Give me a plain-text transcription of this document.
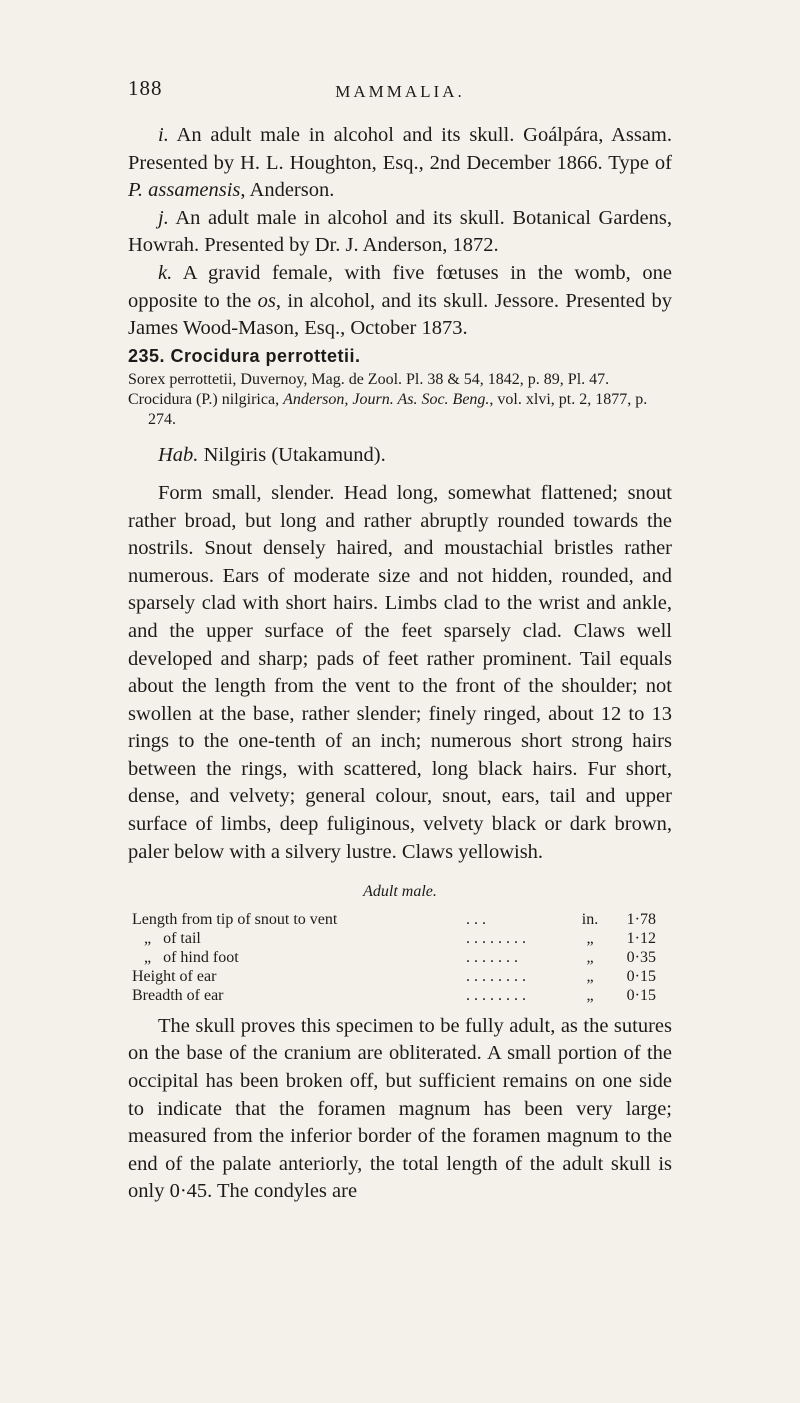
188	MAMMALIA.

i. An adult male in alcohol and its skull. Goálpára, Assam. Presented by H. L. Houghton, Esq., 2nd December 1866. Type of P. assamensis, Anderson.

j. An adult male in alcohol and its skull. Botanical Gardens, Howrah. Presented by Dr. J. Anderson, 1872.

k. A gravid female, with five fœtuses in the womb, one opposite to the os, in alcohol, and its skull. Jessore. Presented by James Wood-Mason, Esq., October 1873.

235. Crocidura perrottetii.

Sorex perrottetii, Duvernoy, Mag. de Zool. Pl. 38 & 54, 1842, p. 89, Pl. 47.

Crocidura (P.) nilgirica, Anderson, Journ. As. Soc. Beng., vol. xlvi, pt. 2, 1877, p. 274.

Hab. Nilgiris (Utakamund).

Form small, slender. Head long, somewhat flattened; snout rather broad, but long and rather abruptly rounded towards the nostrils. Snout densely haired, and moustachial bristles rather numerous. Ears of moderate size and not hidden, rounded, and sparsely clad with short hairs. Limbs clad to the wrist and ankle, and the upper surface of the feet sparsely clad. Claws well developed and sharp; pads of feet rather prominent. Tail equals about the length from the vent to the front of the shoulder; not swollen at the base, rather slender; finely ringed, about 12 to 13 rings to the one-tenth of an inch; numerous short strong hairs between the rings, with scattered, long black hairs. Fur short, dense, and velvety; general colour, snout, ears, tail and upper surface of limbs, deep fuliginous, velvety black or dark brown, paler below with a silvery lustre. Claws yellowish.

Adult male.

Length from tip of snout to vent	. . .	in.	1·78
„   of tail	. . . . . . . .	„	1·12
„   of hind foot	. . . . . . .	„	0·35
Height of ear	. . . . . . . .	„	0·15
Breadth of ear	. . . . . . . .	„	0·15

The skull proves this specimen to be fully adult, as the sutures on the base of the cranium are obliterated. A small portion of the occipital has been broken off, but sufficient remains on one side to indicate that the foramen magnum has been very large; measured from the inferior border of the foramen magnum to the end of the palate anteriorly, the total length of the adult skull is only 0·45. The condyles are
